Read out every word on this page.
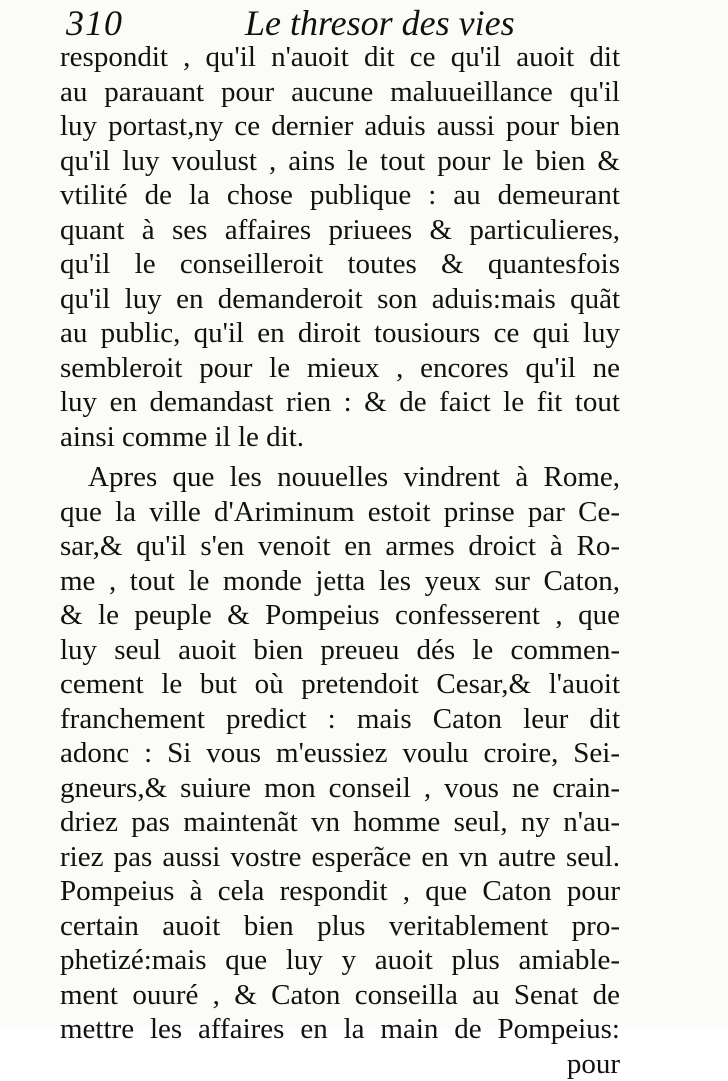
310	Le thresor des vies
respondit , qu'il n'auoit dit ce qu'il auoit dit
au parauant pour aucune maluueillance qu'il
luy portast,ny ce dernier aduis aussi pour bien
qu'il luy voulust , ains le tout pour le bien &
vtilité de la chose publique : au demeurant
quant à ses affaires priuees & particulieres,
qu'il le conseilleroit toutes & quantesfois
qu'il luy en demanderoit son aduis:mais quãt
au public, qu'il en diroit tousiours ce qui luy
sembleroit pour le mieux , encores qu'il ne
luy en demandast rien : & de faict le fit tout
ainsi comme il le dit.
Apres que les nouuelles vindrent à Rome,
que la ville d'Ariminum estoit prinse par Ce-
sar,& qu'il s'en venoit en armes droict à Ro-
me , tout le monde jetta les yeux sur Caton,
& le peuple & Pompeius confesserent , que
luy seul auoit bien preueu dés le commen-
cement le but où pretendoit Cesar,& l'auoit
franchement predict : mais Caton leur dit
adonc : Si vous m'eussiez voulu croire, Sei-
gneurs,& suiure mon conseil , vous ne crain-
driez pas maintenãt vn homme seul, ny n'au-
riez pas aussi vostre esperãce en vn autre seul.
Pompeius à cela respondit , que Caton pour
certain auoit bien plus veritablement pro-
phetizé:mais que luy y auoit plus amiable-
ment ouuré , & Caton conseilla au Senat de
mettre les affaires en la main de Pompeius:
pour
